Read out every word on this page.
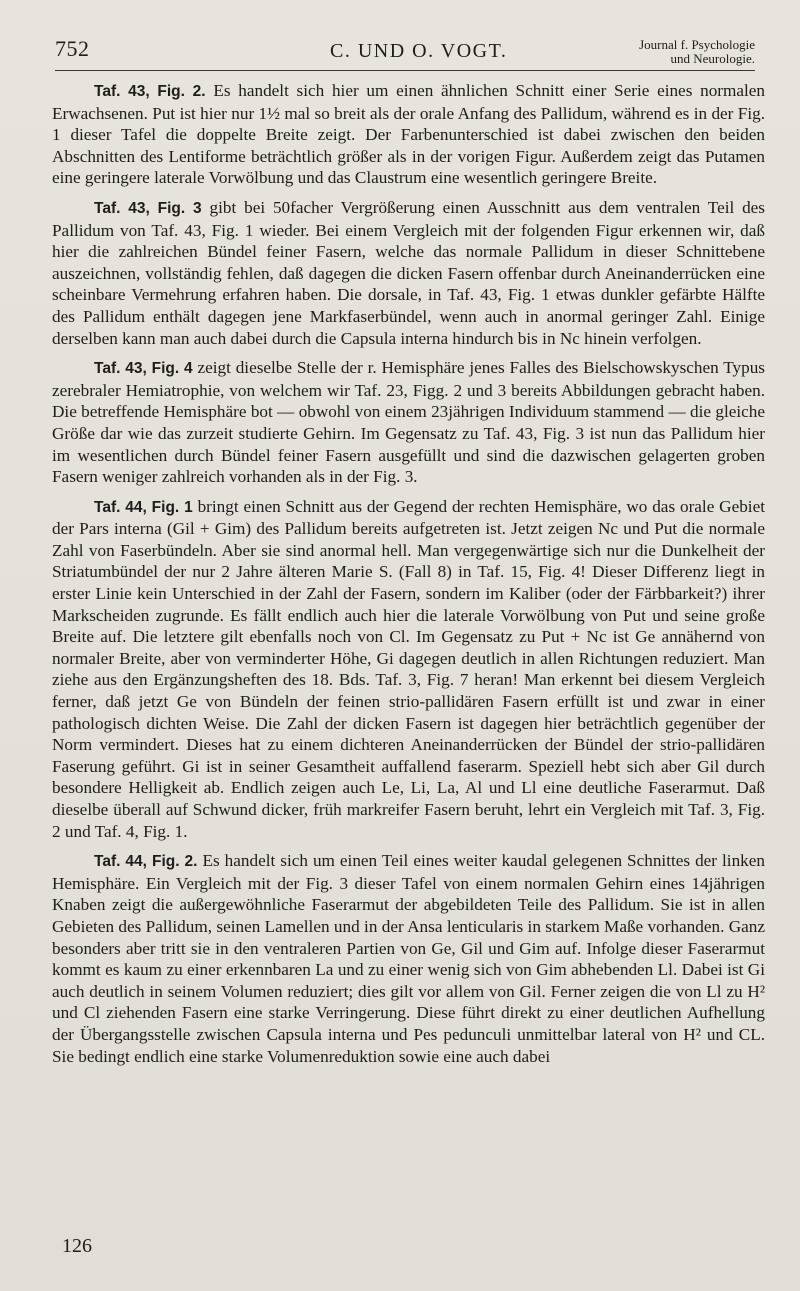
752	C. UND O. VOGT.	Journal f. Psychologie
und Neurologie.
Taf. 43, Fig. 2. Es handelt sich hier um einen ähnlichen Schnitt einer Serie eines normalen Erwachsenen. Put ist hier nur 1½ mal so breit als der orale Anfang des Pallidum, während es in der Fig. 1 dieser Tafel die doppelte Breite zeigt. Der Farbenunterschied ist dabei zwischen den beiden Abschnitten des Lentiforme beträchtlich größer als in der vorigen Figur. Außerdem zeigt das Putamen eine geringere laterale Vorwölbung und das Claustrum eine wesentlich geringere Breite.
Taf. 43, Fig. 3 gibt bei 50facher Vergrößerung einen Ausschnitt aus dem ventralen Teil des Pallidum von Taf. 43, Fig. 1 wieder. Bei einem Vergleich mit der folgenden Figur erkennen wir, daß hier die zahlreichen Bündel feiner Fasern, welche das normale Pallidum in dieser Schnittebene auszeichnen, vollständig fehlen, daß dagegen die dicken Fasern offenbar durch Aneinanderrücken eine scheinbare Vermehrung erfahren haben. Die dorsale, in Taf. 43, Fig. 1 etwas dunkler gefärbte Hälfte des Pallidum enthält dagegen jene Markfaserbündel, wenn auch in anormal geringer Zahl. Einige derselben kann man auch dabei durch die Capsula interna hindurch bis in Nc hinein verfolgen.
Taf. 43, Fig. 4 zeigt dieselbe Stelle der r. Hemisphäre jenes Falles des Bielschowskyschen Typus zerebraler Hemiatrophie, von welchem wir Taf. 23, Figg. 2 und 3 bereits Abbildungen gebracht haben. Die betreffende Hemisphäre bot — obwohl von einem 23jährigen Individuum stammend — die gleiche Größe dar wie das zurzeit studierte Gehirn. Im Gegensatz zu Taf. 43, Fig. 3 ist nun das Pallidum hier im wesentlichen durch Bündel feiner Fasern ausgefüllt und sind die dazwischen gelagerten groben Fasern weniger zahlreich vorhanden als in der Fig. 3.
Taf. 44, Fig. 1 bringt einen Schnitt aus der Gegend der rechten Hemisphäre, wo das orale Gebiet der Pars interna (Gil + Gim) des Pallidum bereits aufgetreten ist. Jetzt zeigen Nc und Put die normale Zahl von Faserbündeln. Aber sie sind anormal hell. Man vergegenwärtige sich nur die Dunkelheit der Striatumbündel der nur 2 Jahre älteren Marie S. (Fall 8) in Taf. 15, Fig. 4! Dieser Differenz liegt in erster Linie kein Unterschied in der Zahl der Fasern, sondern im Kaliber (oder der Färbbarkeit?) ihrer Markscheiden zugrunde. Es fällt endlich auch hier die laterale Vorwölbung von Put und seine große Breite auf. Die letztere gilt ebenfalls noch von Cl. Im Gegensatz zu Put + Nc ist Ge annähernd von normaler Breite, aber von verminderter Höhe, Gi dagegen deutlich in allen Richtungen reduziert. Man ziehe aus den Ergänzungsheften des 18. Bds. Taf. 3, Fig. 7 heran! Man erkennt bei diesem Vergleich ferner, daß jetzt Ge von Bündeln der feinen strio-pallidären Fasern erfüllt ist und zwar in einer pathologisch dichten Weise. Die Zahl der dicken Fasern ist dagegen hier beträchtlich gegenüber der Norm vermindert. Dieses hat zu einem dichteren Aneinanderrücken der Bündel der strio-pallidären Faserung geführt. Gi ist in seiner Gesamtheit auffallend faserarm. Speziell hebt sich aber Gil durch besondere Helligkeit ab. Endlich zeigen auch Le, Li, La, Al und Ll eine deutliche Faserarmut. Daß dieselbe überall auf Schwund dicker, früh markreifer Fasern beruht, lehrt ein Vergleich mit Taf. 3, Fig. 2 und Taf. 4, Fig. 1.
Taf. 44, Fig. 2. Es handelt sich um einen Teil eines weiter kaudal gelegenen Schnittes der linken Hemisphäre. Ein Vergleich mit der Fig. 3 dieser Tafel von einem normalen Gehirn eines 14jährigen Knaben zeigt die außergewöhnliche Faserarmut der abgebildeten Teile des Pallidum. Sie ist in allen Gebieten des Pallidum, seinen Lamellen und in der Ansa lenticularis in starkem Maße vorhanden. Ganz besonders aber tritt sie in den ventraleren Partien von Ge, Gil und Gim auf. Infolge dieser Faserarmut kommt es kaum zu einer erkennbaren La und zu einer wenig sich von Gim abhebenden Ll. Dabei ist Gi auch deutlich in seinem Volumen reduziert; dies gilt vor allem von Gil. Ferner zeigen die von Ll zu H² und Cl ziehenden Fasern eine starke Verringerung. Diese führt direkt zu einer deutlichen Aufhellung der Übergangsstelle zwischen Capsula interna und Pes pedunculi unmittelbar lateral von H² und CL. Sie bedingt endlich eine starke Volumenreduktion sowie eine auch dabei
126
